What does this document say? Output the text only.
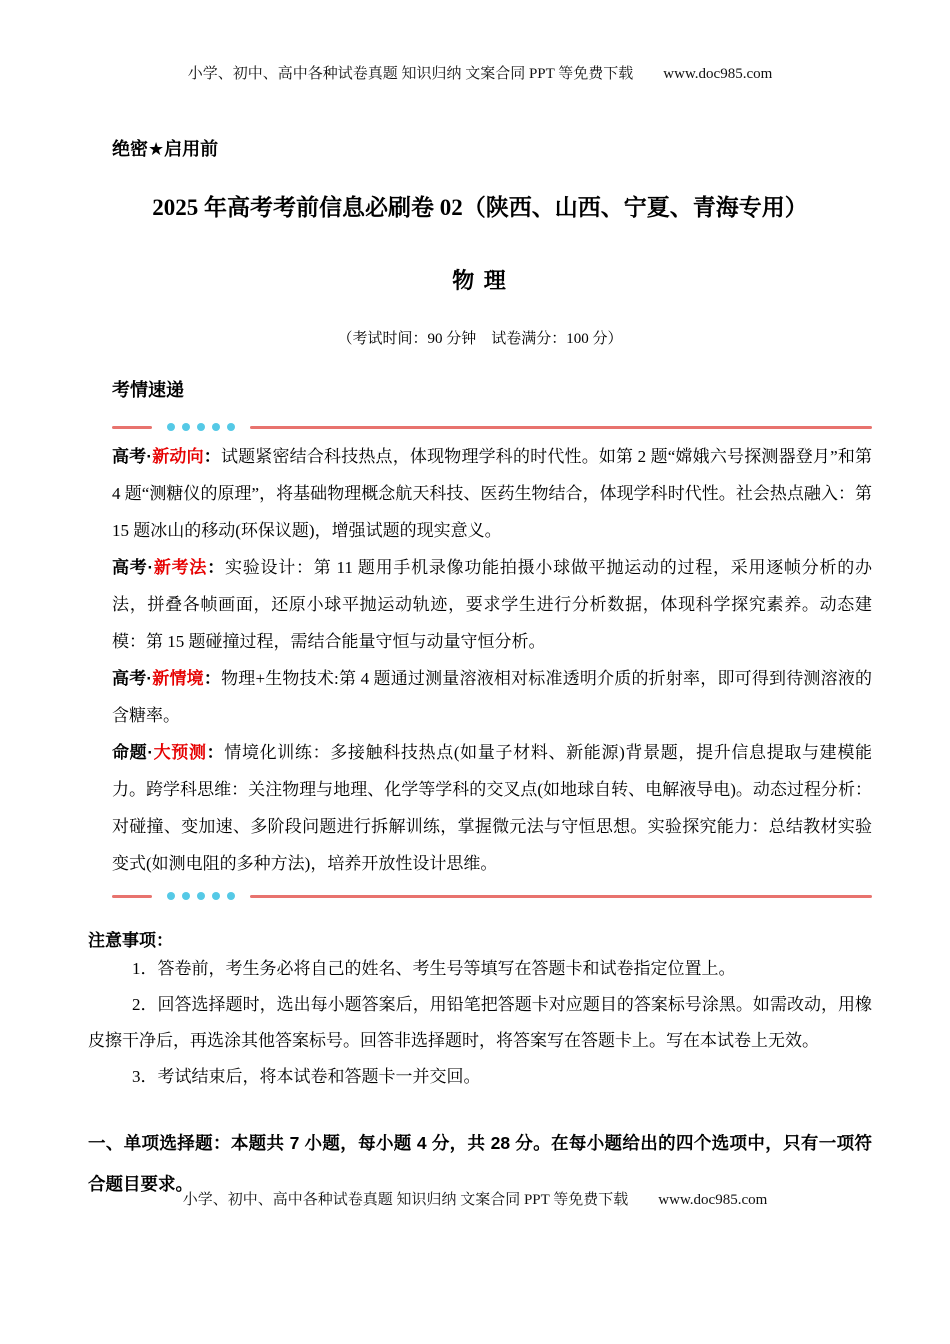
小学、初中、高中各种试卷真题 知识归纳 文案合同 PPT 等免费下载 www.doc985.com
绝密★启用前
2025 年高考考前信息必刷卷 02（陕西、山西、宁夏、青海专用）
物 理
（考试时间：90 分钟　试卷满分：100 分）
考情速递

高考·新动向：试题紧密结合科技热点，体现物理学科的时代性。如第 2 题“嫦娥六号探测器登月”和第 4 题“测糖仪的原理”，将基础物理概念航天科技、医药生物结合，体现学科时代性。社会热点融入：第 15 题冰山的移动(环保议题)，增强试题的现实意义。

高考·新考法：实验设计：第 11 题用手机录像功能拍摄小球做平抛运动的过程，采用逐帧分析的办法，拼叠各帧画面，还原小球平抛运动轨迹，要求学生进行分析数据，体现科学探究素养。动态建模：第 15 题碰撞过程，需结合能量守恒与动量守恒分析。

高考·新情境：物理+生物技术:第 4 题通过测量溶液相对标准透明介质的折射率，即可得到待测溶液的含糖率。

命题·大预测：情境化训练：多接触科技热点(如量子材料、新能源)背景题，提升信息提取与建模能力。跨学科思维：关注物理与地理、化学等学科的交叉点(如地球自转、电解液导电)。动态过程分析：对碰撞、变加速、多阶段问题进行拆解训练，掌握微元法与守恒思想。实验探究能力：总结教材实验变式(如测电阻的多种方法)，培养开放性设计思维。

注意事项：

1．答卷前，考生务必将自己的姓名、考生号等填写在答题卡和试卷指定位置上。

2．回答选择题时，选出每小题答案后，用铅笔把答题卡对应题目的答案标号涂黑。如需改动，用橡皮擦干净后，再选涂其他答案标号。回答非选择题时，将答案写在答题卡上。写在本试卷上无效。

3．考试结束后，将本试卷和答题卡一并交回。

一、单项选择题：本题共 7 小题，每小题 4 分，共 28 分。在每小题给出的四个选项中，只有一项符合题目要求。

小学、初中、高中各种试卷真题 知识归纳 文案合同 PPT 等免费下载 www.doc985.com
